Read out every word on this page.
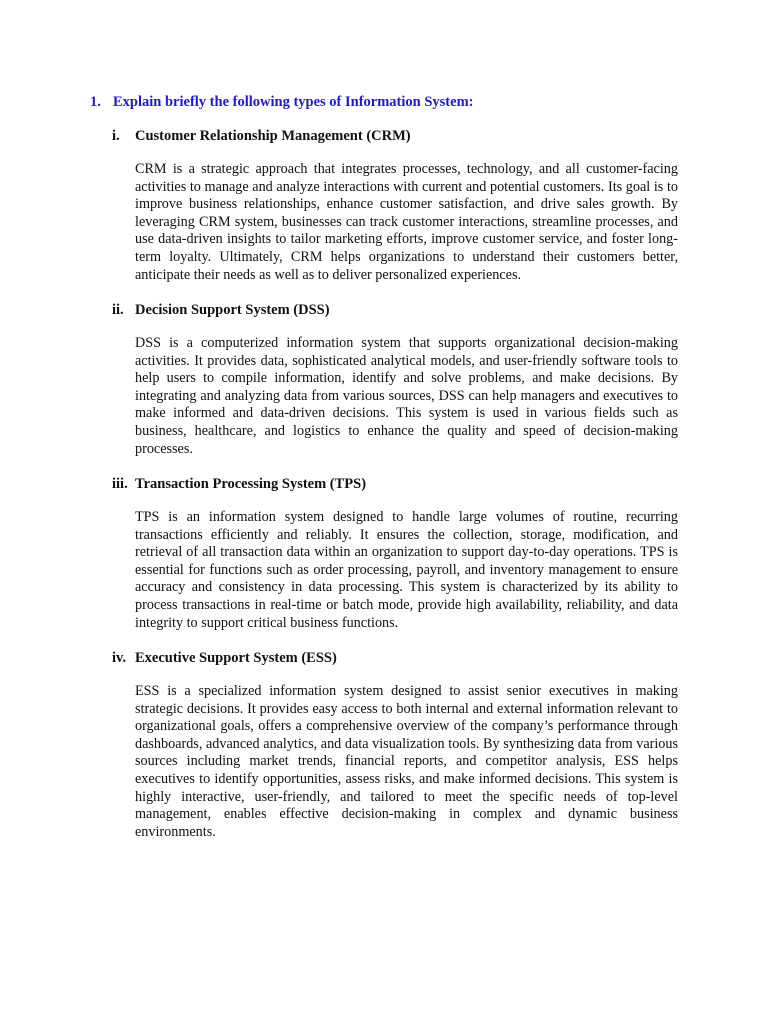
1. Explain briefly the following types of Information System:
i. Customer Relationship Management (CRM)
CRM is a strategic approach that integrates processes, technology, and all customer-facing activities to manage and analyze interactions with current and potential customers. Its goal is to improve business relationships, enhance customer satisfaction, and drive sales growth. By leveraging CRM system, businesses can track customer interactions, streamline processes, and use data-driven insights to tailor marketing efforts, improve customer service, and foster long-term loyalty. Ultimately, CRM helps organizations to understand their customers better, anticipate their needs as well as to deliver personalized experiences.
ii. Decision Support System (DSS)
DSS is a computerized information system that supports organizational decision-making activities. It provides data, sophisticated analytical models, and user-friendly software tools to help users to compile information, identify and solve problems, and make decisions. By integrating and analyzing data from various sources, DSS can help managers and executives to make informed and data-driven decisions. This system is used in various fields such as business, healthcare, and logistics to enhance the quality and speed of decision-making processes.
iii. Transaction Processing System (TPS)
TPS is an information system designed to handle large volumes of routine, recurring transactions efficiently and reliably. It ensures the collection, storage, modification, and retrieval of all transaction data within an organization to support day-to-day operations. TPS is essential for functions such as order processing, payroll, and inventory management to ensure accuracy and consistency in data processing. This system is characterized by its ability to process transactions in real-time or batch mode, provide high availability, reliability, and data integrity to support critical business functions.
iv. Executive Support System (ESS)
ESS is a specialized information system designed to assist senior executives in making strategic decisions. It provides easy access to both internal and external information relevant to organizational goals, offers a comprehensive overview of the company’s performance through dashboards, advanced analytics, and data visualization tools. By synthesizing data from various sources including market trends, financial reports, and competitor analysis, ESS helps executives to identify opportunities, assess risks, and make informed decisions. This system is highly interactive, user-friendly, and tailored to meet the specific needs of top-level management, enables effective decision-making in complex and dynamic business environments.
